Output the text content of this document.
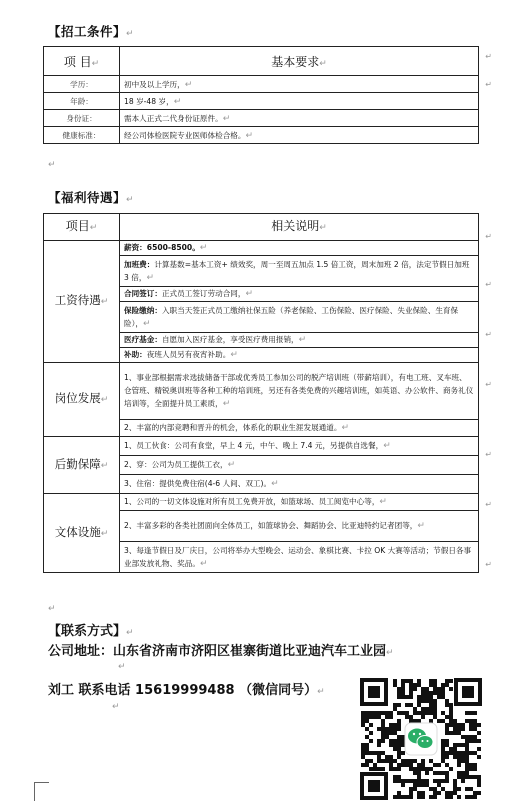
【招工条件】↵
项 目↵	基本要求↵
学历：	初中及以上学历，↵
年龄：	18 岁-48 岁，↵
身份证：	需本人正式二代身份证原件。↵
健康标准：	经公司体检医院专业医师体检合格。↵
↵
【福利待遇】↵
项目↵	相关说明↵
工资待遇↵	薪资：6500-8500。↵
	加班费：计算基数=基本工资+ 绩效奖，周一至周五加点 1.5 倍工资，周末加班 2 倍，法定节假日加班 3 倍，↵
	合同签订：正式员工签订劳动合同，↵
	保险缴纳：入职当天签正式员工缴纳社保五险（养老保险、工伤保险、医疗保险、失业保险、生育保险），↵
	医疗基金：自愿加入医疗基金，享受医疗费用报销，↵
	补助：夜班人员另有夜宵补助。↵
岗位发展↵	1、事业部根据需求选拔储备干部或优秀员工参加公司的脱产培训班（带薪培训），有电工班、叉车班、仓管班、精锐奥训班等各种工种的培训班，另还有各类免费的兴趣培训班，如英语、办公软件、商务礼仪培训等，全面提升员工素质，↵
	2、丰富的内部竞聘和晋升的机会，体系化的职业生涯发展通道。↵
后勤保障↵	1、员工伙食：公司有食堂，早上 4 元，中午、晚上 7.4 元，另提供自选餐，↵
	2、穿：公司为员工提供工衣，↵
	3、住宿：提供免费住宿(4-6 人间、双工)。↵
文体设施↵	1、公司的一切文体设施对所有员工免费开放，如篮球场、员工阅览中心等，↵
	2、丰富多彩的各类社团面向全体员工，如篮球协会、舞蹈协会、比亚迪特约记者团等，↵
	3、每逢节假日及厂庆日，公司将举办大型晚会、运动会、象棋比赛、卡拉 OK 大赛等活动；节假日各事业部发放礼物、奖品。↵
↵
【联系方式】↵
公司地址：山东省济南市济阳区崔寨街道比亚迪汽车工业园↵
↵
刘工 联系电话 15619999488 （微信同号）↵
↵
↵
↵
↵
↵
↵
↵
↵
↵
↵
